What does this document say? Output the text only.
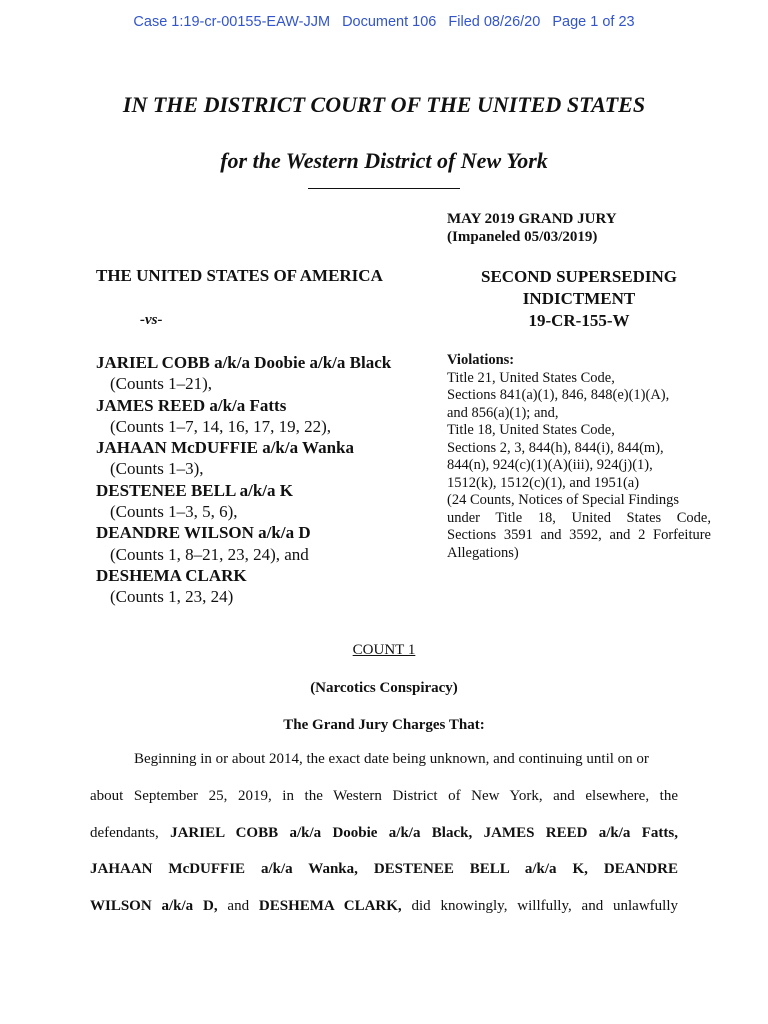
Case 1:19-cr-00155-EAW-JJM Document 106 Filed 08/26/20 Page 1 of 23
IN THE DISTRICT COURT OF THE UNITED STATES
for the Western District of New York
MAY 2019 GRAND JURY
(Impaneled 05/03/2019)
THE UNITED STATES OF AMERICA
-vs-
SECOND SUPERSEDING
INDICTMENT
19-CR-155-W
JARIEL COBB a/k/a Doobie a/k/a Black
(Counts 1–21),
JAMES REED a/k/a Fatts
(Counts 1–7, 14, 16, 17, 19, 22),
JAHAAN McDUFFIE a/k/a Wanka
(Counts 1–3),
DESTENEE BELL a/k/a K
(Counts 1–3, 5, 6),
DEANDRE WILSON a/k/a D
(Counts 1, 8–21, 23, 24), and
DESHEMA CLARK
(Counts 1, 23, 24)
Violations:
Title 21, United States Code,
Sections 841(a)(1), 846, 848(e)(1)(A),
and 856(a)(1); and,
Title 18, United States Code,
Sections 2, 3, 844(h), 844(i), 844(m),
844(n), 924(c)(1)(A)(iii), 924(j)(1),
1512(k), 1512(c)(1), and 1951(a)
(24 Counts, Notices of Special Findings
under Title 18, United States Code,
Sections 3591 and 3592, and 2 Forfeiture
Allegations)
COUNT 1
(Narcotics Conspiracy)
The Grand Jury Charges That:
Beginning in or about 2014, the exact date being unknown, and continuing until on or
about September 25, 2019, in the Western District of New York, and elsewhere, the
defendants, JARIEL COBB a/k/a Doobie a/k/a Black, JAMES REED a/k/a Fatts,
JAHAAN McDUFFIE a/k/a Wanka, DESTENEE BELL a/k/a K, DEANDRE
WILSON a/k/a D, and DESHEMA CLARK, did knowingly, willfully, and unlawfully
